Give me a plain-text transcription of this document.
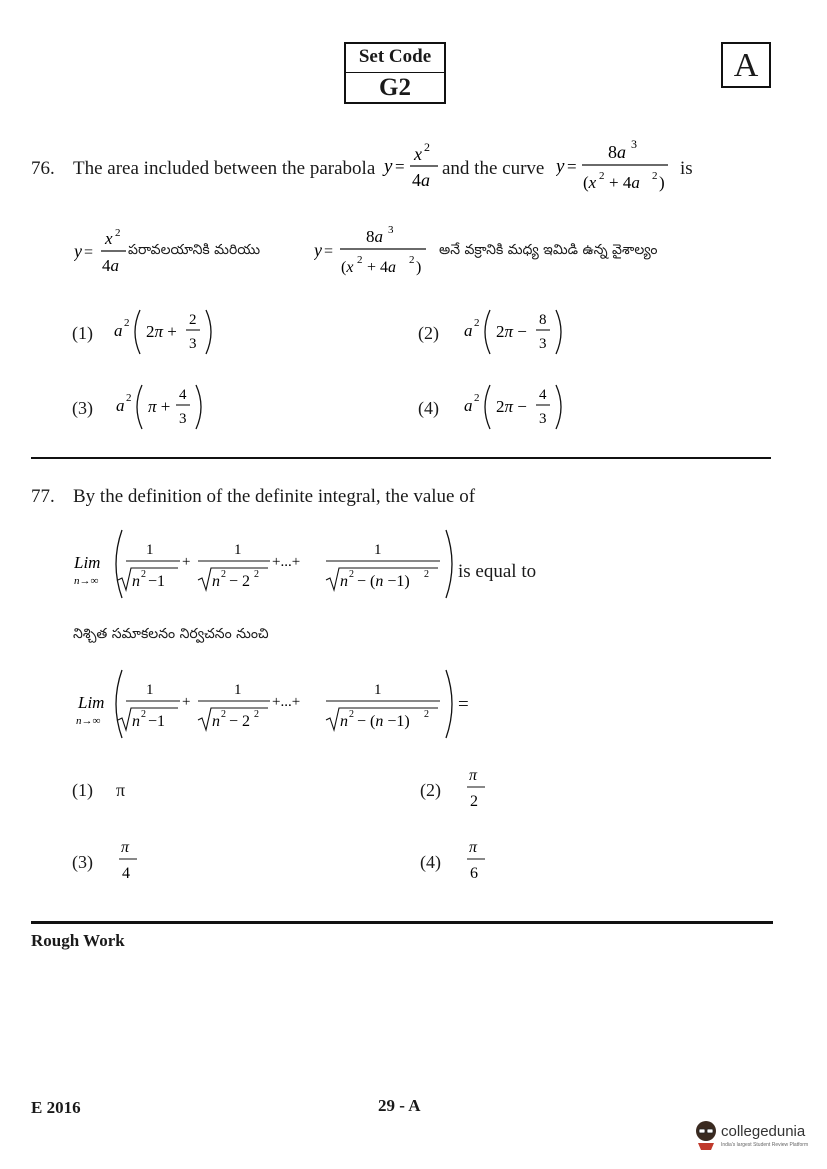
Set Code
G2
A
76. The area included between the parabola y =
x 2
4a
and the curve y =
8a 3
(x 2 + 4a 2 )
is
y =
x 2
4a
పరావలయానికి మరియు	y =
8a 3
(x 2 + 4a 2 )
అనే వక్రానికి మధ్య ఇమిడి ఉన్న వైశాల్యం
(1) a 2 2π +
2
3
(2) a 2 2π −
8
3
(3) a 2 π +
4
3
(4) a 2 2π −
4
3
77. By the definition of the definite integral, the value of
Lim
n→∞
1
n 2 −1
+
1
n 2 − 2 2
+...+
1
n 2 − (n −1) 2 is equal to
నిశ్చిత సమాకలనం నిర్వచనం నుంచి
Lim
n→∞
1
n 2 −1
+
1
n 2 − 2 2
+...+
1
n 2 − (n −1) 2 =
(1) π	(2)
π
2
(3)
π
4
(4)
π
6
Rough Work
E 2016	29 - A
collegedunia
India's largest Student Review Platform
